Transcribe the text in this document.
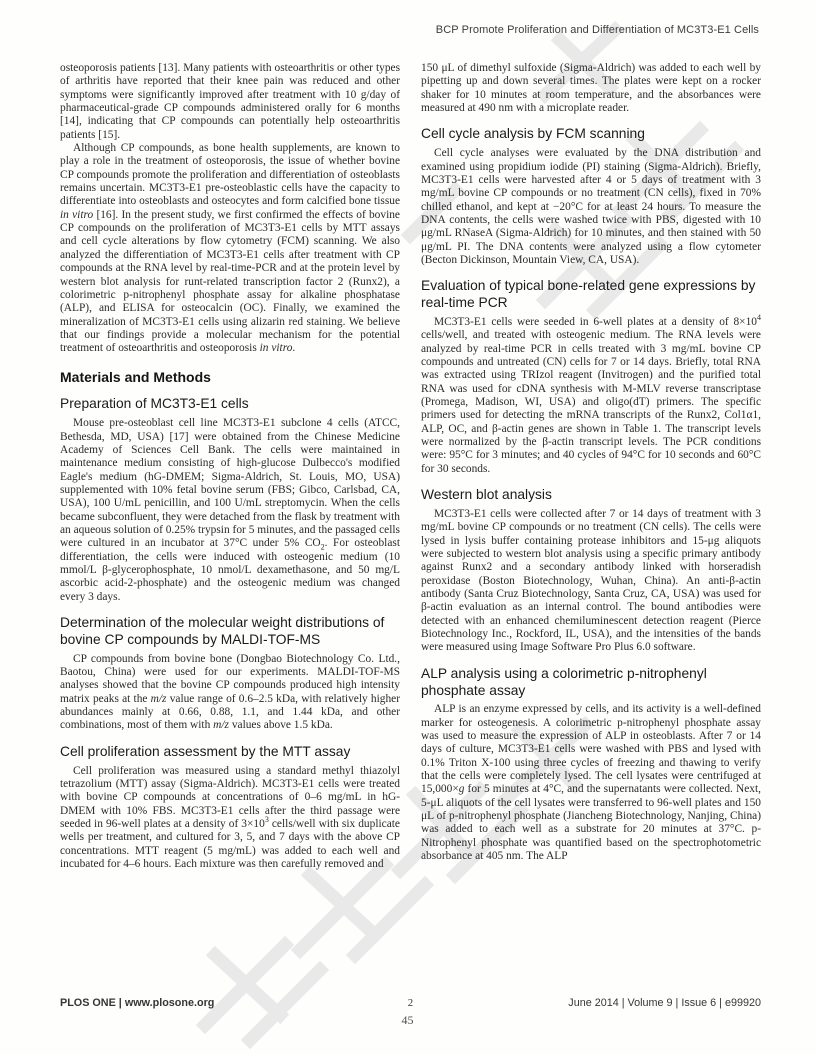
BCP Promote Proliferation and Differentiation of MC3T3-E1 Cells

osteoporosis patients [13]. Many patients with osteoarthritis or other types of arthritis have reported that their knee pain was reduced and other symptoms were significantly improved after treatment with 10 g/day of pharmaceutical-grade CP compounds administered orally for 6 months [14], indicating that CP compounds can potentially help osteoarthritis patients [15].

Although CP compounds, as bone health supplements, are known to play a role in the treatment of osteoporosis, the issue of whether bovine CP compounds promote the proliferation and differentiation of osteoblasts remains uncertain. MC3T3-E1 pre-osteoblastic cells have the capacity to differentiate into osteoblasts and osteocytes and form calcified bone tissue in vitro [16]. In the present study, we first confirmed the effects of bovine CP compounds on the proliferation of MC3T3-E1 cells by MTT assays and cell cycle alterations by flow cytometry (FCM) scanning. We also analyzed the differentiation of MC3T3-E1 cells after treatment with CP compounds at the RNA level by real-time-PCR and at the protein level by western blot analysis for runt-related transcription factor 2 (Runx2), a colorimetric p-nitrophenyl phosphate assay for alkaline phosphatase (ALP), and ELISA for osteocalcin (OC). Finally, we examined the mineralization of MC3T3-E1 cells using alizarin red staining. We believe that our findings provide a molecular mechanism for the potential treatment of osteoarthritis and osteoporosis in vitro.

Materials and Methods
Preparation of MC3T3-E1 cells

Mouse pre-osteoblast cell line MC3T3-E1 subclone 4 cells (ATCC, Bethesda, MD, USA) [17] were obtained from the Chinese Medicine Academy of Sciences Cell Bank. The cells were maintained in maintenance medium consisting of high-glucose Dulbecco's modified Eagle's medium (hG-DMEM; Sigma-Aldrich, St. Louis, MO, USA) supplemented with 10% fetal bovine serum (FBS; Gibco, Carlsbad, CA, USA), 100 U/mL penicillin, and 100 U/mL streptomycin. When the cells became subconfluent, they were detached from the flask by treatment with an aqueous solution of 0.25% trypsin for 5 minutes, and the passaged cells were cultured in an incubator at 37°C under 5% $CO_2$. For osteoblast differentiation, the cells were induced with osteogenic medium (10 mmol/L β-glycerophosphate, 10 nmol/L dexamethasone, and 50 mg/L ascorbic acid-2-phosphate) and the osteogenic medium was changed every 3 days.

Determination of the molecular weight distributions of bovine CP compounds by MALDI-TOF-MS

CP compounds from bovine bone (Dongbao Biotechnology Co. Ltd., Baotou, China) were used for our experiments. MALDI-TOF-MS analyses showed that the bovine CP compounds produced high intensity matrix peaks at the m/z value range of 0.6–2.5 kDa, with relatively higher abundances mainly at 0.66, 0.88, 1.1, and 1.44 kDa, and other combinations, most of them with m/z values above 1.5 kDa.

Cell proliferation assessment by the MTT assay

Cell proliferation was measured using a standard methyl thiazolyl tetrazolium (MTT) assay (Sigma-Aldrich). MC3T3-E1 cells were treated with bovine CP compounds at concentrations of 0–6 mg/mL in hG-DMEM with 10% FBS. MC3T3-E1 cells after the third passage were seeded in 96-well plates at a density of $3\times 10^3$ cells/well with six duplicate wells per treatment, and cultured for 3, 5, and 7 days with the above CP concentrations. MTT reagent (5 mg/mL) was added to each well and incubated for 4–6 hours. Each mixture was then carefully removed and

150 μL of dimethyl sulfoxide (Sigma-Aldrich) was added to each well by pipetting up and down several times. The plates were kept on a rocker shaker for 10 minutes at room temperature, and the absorbances were measured at 490 nm with a microplate reader.

Cell cycle analysis by FCM scanning

Cell cycle analyses were evaluated by the DNA distribution and examined using propidium iodide (PI) staining (Sigma-Aldrich). Briefly, MC3T3-E1 cells were harvested after 4 or 5 days of treatment with 3 mg/mL bovine CP compounds or no treatment (CN cells), fixed in 70% chilled ethanol, and kept at −20°C for at least 24 hours. To measure the DNA contents, the cells were washed twice with PBS, digested with 10 μg/mL RNaseA (Sigma-Aldrich) for 10 minutes, and then stained with 50 μg/mL PI. The DNA contents were analyzed using a flow cytometer (Becton Dickinson, Mountain View, CA, USA).

Evaluation of typical bone-related gene expressions by real-time PCR

MC3T3-E1 cells were seeded in 6-well plates at a density of $8\times 10^4$ cells/well, and treated with osteogenic medium. The RNA levels were analyzed by real-time PCR in cells treated with 3 mg/mL bovine CP compounds and untreated (CN) cells for 7 or 14 days. Briefly, total RNA was extracted using TRIzol reagent (Invitrogen) and the purified total RNA was used for cDNA synthesis with M-MLV reverse transcriptase (Promega, Madison, WI, USA) and oligo(dT) primers. The specific primers used for detecting the mRNA transcripts of the Runx2, Col1α1, ALP, OC, and β-actin genes are shown in Table 1. The transcript levels were normalized by the β-actin transcript levels. The PCR conditions were: 95°C for 3 minutes; and 40 cycles of 94°C for 10 seconds and 60°C for 30 seconds.

Western blot analysis

MC3T3-E1 cells were collected after 7 or 14 days of treatment with 3 mg/mL bovine CP compounds or no treatment (CN cells). The cells were lysed in lysis buffer containing protease inhibitors and 15-μg aliquots were subjected to western blot analysis using a specific primary antibody against Runx2 and a secondary antibody linked with horseradish peroxidase (Boston Biotechnology, Wuhan, China). An anti-β-actin antibody (Santa Cruz Biotechnology, Santa Cruz, CA, USA) was used for β-actin evaluation as an internal control. The bound antibodies were detected with an enhanced chemiluminescent detection reagent (Pierce Biotechnology Inc., Rockford, IL, USA), and the intensities of the bands were measured using Image Software Pro Plus 6.0 software.

ALP analysis using a colorimetric p-nitrophenyl phosphate assay

ALP is an enzyme expressed by cells, and its activity is a well-defined marker for osteogenesis. A colorimetric p-nitrophenyl phosphate assay was used to measure the expression of ALP in osteoblasts. After 7 or 14 days of culture, MC3T3-E1 cells were washed with PBS and lysed with 0.1% Triton X-100 using three cycles of freezing and thawing to verify that the cells were completely lysed. The cell lysates were centrifuged at 15,000×g for 5 minutes at 4°C, and the supernatants were collected. Next, 5-μL aliquots of the cell lysates were transferred to 96-well plates and 150 μL of p-nitrophenyl phosphate (Jiancheng Biotechnology, Nanjing, China) was added to each well as a substrate for 20 minutes at 37°C. p-Nitrophenyl phosphate was quantified based on the spectrophotometric absorbance at 405 nm. The ALP

PLOS ONE | www.plosone.org	2	June 2014 | Volume 9 | Issue 6 | e99920
45
